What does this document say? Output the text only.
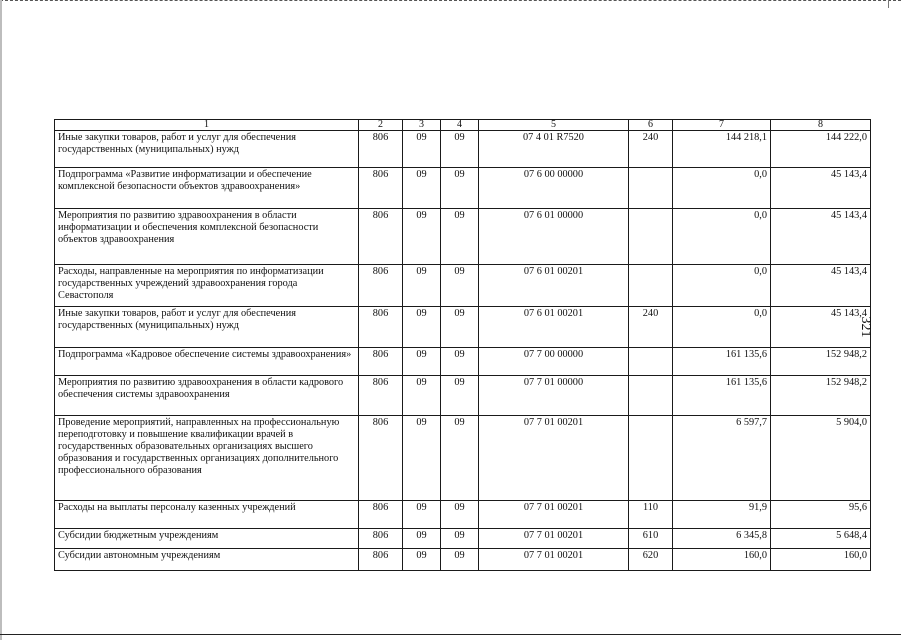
1	2	3	4	5	6	7	8
Иные закупки товаров, работ и услуг для обеспечения государственных (муниципальных) нужд	806	09	09	07 4 01 R7520	240	144 218,1	144 222,0
Подпрограмма «Развитие информатизации и обеспечение комплексной безопасности объектов здравоохранения»	806	09	09	07 6 00 00000		0,0	45 143,4
Мероприятия по развитию здравоохранения в области информатизации и обеспечения комплексной безопасности объектов здравоохранения	806	09	09	07 6 01 00000		0,0	45 143,4
Расходы, направленные на мероприятия по информатизации государственных учреждений здравоохранения города Севастополя	806	09	09	07 6 01 00201		0,0	45 143,4
Иные закупки товаров, работ и услуг для обеспечения государственных (муниципальных) нужд	806	09	09	07 6 01 00201	240	0,0	45 143,4
Подпрограмма «Кадровое обеспечение системы здравоохранения»	806	09	09	07 7 00 00000		161 135,6	152 948,2
Мероприятия по развитию здравоохранения в области кадрового обеспечения системы здравоохранения	806	09	09	07 7 01 00000		161 135,6	152 948,2
Проведение мероприятий, направленных на профессиональную переподготовку и повышение квалификации врачей в государственных образовательных организациях высшего образования и государственных организациях дополнительного профессионального образования	806	09	09	07 7 01 00201		6 597,7	5 904,0
Расходы на выплаты персоналу казенных учреждений	806	09	09	07 7 01 00201	110	91,9	95,6
Субсидии бюджетным учреждениям	806	09	09	07 7 01 00201	610	6 345,8	5 648,4
Субсидии автономным учреждениям	806	09	09	07 7 01 00201	620	160,0	160,0
321
